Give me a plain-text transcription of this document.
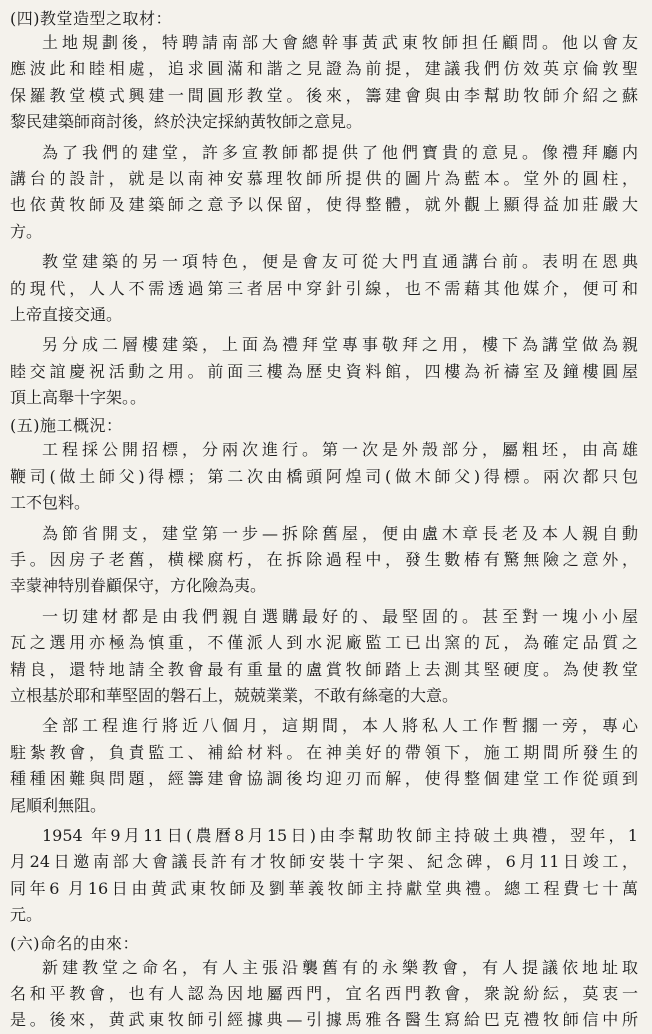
(四)教堂造型之取材：
土地規劃後，特聘請南部大會總幹事黃武東牧師担任顧問。他以會友
應波此和睦相處，追求圓滿和諧之見證為前提，建議我們仿效英京倫敦聖
保羅教堂模式興建一間圓形教堂。後來，籌建會與由李幫助牧師介紹之蘇
黎民建築師商討後，終於決定採納黃牧師之意見。
為了我們的建堂，許多宣教師都提供了他們寶貴的意見。像禮拜廳内
講台的設計，就是以南神安慕理牧師所提供的圖片為藍本。堂外的圓柱，
也依黄牧師及建築師之意予以保留，使得整體，就外觀上顯得益加莊嚴大
方。
教堂建築的另一項特色，便是會友可從大門直通講台前。表明在恩典
的現代，人人不需透過第三者居中穿針引線，也不需藉其他媒介，便可和
上帝直接交通。
另分成二層樓建築，上面為禮拜堂專事敬拜之用，樓下為講堂做為親
睦交誼慶祝活動之用。前面三樓為歷史資料館，四樓為祈禱室及鐘樓圓屋
頂上高舉十字架。。
(五)施工概況：
工程採公開招標，分兩次進行。第一次是外殼部分，屬粗坯，由高雄
鞭司(做土師父)得標；第二次由橋頭阿煌司(做木師父)得標。兩次都只包
工不包料。
為節省開支，建堂第一步—拆除舊屋，便由盧木章長老及本人親自動
手。因房子老舊，横樑腐朽，在拆除過程中，發生數椿有驚無險之意外，
幸蒙神特別眷顧保守，方化險為夷。
一切建材都是由我們親自選購最好的、最堅固的。甚至對一塊小小屋
瓦之選用亦極為慎重，不僅派人到水泥廠監工已出窯的瓦，為確定品質之
精良，還特地請全教會最有重量的盧賞牧師踏上去測其堅硬度。為使教堂
立根基於耶和華堅固的磐石上，兢兢業業，不敢有絲毫的大意。
全部工程進行將近八個月，這期間，本人將私人工作暫擱一旁，專心
駐紮教會，負責監工、補給材料。在神美好的帶領下，施工期間所發生的
種種困難與問題，經籌建會協調後均迎刃而解，使得整個建堂工作從頭到
尾順利無阻。
1954 年9月11日(農曆8月15日)由李幫助牧師主持破土典禮，翌年，1
月24日邀南部大會議長許有才牧師安裝十字架、紀念碑，6月11日竣工，
同年6 月16日由黄武東牧師及劉華義牧師主持獻堂典禮。總工程費七十萬
元。
(六)命名的由來：
新建教堂之命名，有人主張沿襲舊有的永樂教會，有人提議依地址取
名和平教會，也有人認為因地屬西門，宜名西門教會，衆說紛紜，莫衷一
是。後來，黄武東牧師引經據典—引據馬雅各醫生寫給巴克禮牧師信中所
